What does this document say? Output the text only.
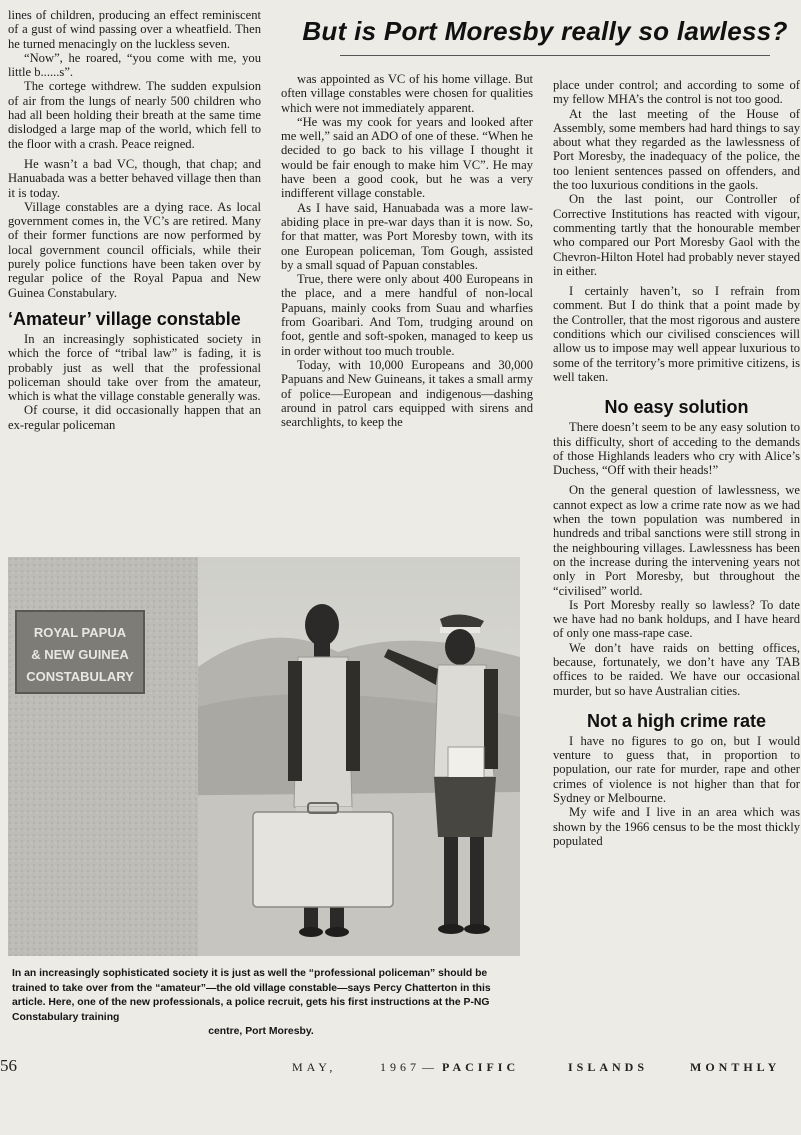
lines of children, producing an effect reminiscent of a gust of wind passing over a wheatfield. Then he turned menacingly on the luckless seven.

“Now”, he roared, “you come with me, you little b......s”.

The cortege withdrew. The sudden expulsion of air from the lungs of nearly 500 children who had all been holding their breath at the same time dislodged a large map of the world, which fell to the floor with a crash. Peace reigned.

He wasn’t a bad VC, though, that chap; and Hanuabada was a better behaved village then than it is today.

Village constables are a dying race. As local government comes in, the VC’s are retired. Many of their former functions are now performed by local government council officials, while their purely police functions have been taken over by regular police of the Royal Papua and New Guinea Constabulary.

‘Amateur’ village constable

In an increasingly sophisticated society in which the force of “tribal law” is fading, it is probably just as well that the professional policeman should take over from the amateur, which is what the village constable generally was.

Of course, it did occasionally happen that an ex-regular policeman

But is Port Moresby really so lawless?

was appointed as VC of his home village. But often village constables were chosen for qualities which were not immediately apparent.

“He was my cook for years and looked after me well,” said an ADO of one of these. “When he decided to go back to his village I thought it would be fair enough to make him VC”. He may have been a good cook, but he was a very indifferent village constable.

As I have said, Hanuabada was a more law-abiding place in pre-war days than it is now. So, for that matter, was Port Moresby town, with its one European policeman, Tom Gough, assisted by a small squad of Papuan constables.

True, there were only about 400 Europeans in the place, and a mere handful of non-local Papuans, mainly cooks from Suau and wharfies from Goaribari. And Tom, trudging around on foot, gentle and soft-spoken, managed to keep us in order without too much trouble.

Today, with 10,000 Europeans and 30,000 Papuans and New Guineans, it takes a small army of police—European and indigenous—dashing around in patrol cars equipped with sirens and searchlights, to keep the

place under control; and according to some of my fellow MHA’s the control is not too good.

At the last meeting of the House of Assembly, some members had hard things to say about what they regarded as the lawlessness of Port Moresby, the inadequacy of the police, the too lenient sentences passed on offenders, and the too luxurious conditions in the gaols.

On the last point, our Controller of Corrective Institutions has reacted with vigour, commenting tartly that the honourable member who compared our Port Moresby Gaol with the Chevron-Hilton Hotel had probably never stayed in either.

I certainly haven’t, so I refrain from comment. But I do think that a point made by the Controller, that the most rigorous and austere conditions which our civilised consciences will allow us to impose may well appear luxurious to some of the territory’s more primitive citizens, is well taken.

No easy solution

There doesn’t seem to be any easy solution to this difficulty, short of acceding to the demands of those Highlands leaders who cry with Alice’s Duchess, “Off with their heads!”

On the general question of lawlessness, we cannot expect as low a crime rate now as we had when the town population was numbered in hundreds and tribal sanctions were still strong in the neighbouring villages. Lawlessness has been on the increase during the intervening years not only in Port Moresby, but throughout the “civilised” world.

Is Port Moresby really so lawless? To date we have had no bank holdups, and I have heard of only one mass-rape case.

We don’t have raids on betting offices, because, fortunately, we don’t have any TAB offices to be raided. We have our occasional murder, but so have Australian cities.

Not a high crime rate

I have no figures to go on, but I would venture to guess that, in proportion to population, our rate for murder, rape and other crimes of violence is not higher than that for Sydney or Melbourne.

My wife and I live in an area which was shown by the 1966 census to be the most thickly populated

ROYAL PAPUA
& NEW GUINEA
CONSTABULARY
In an increasingly sophisticated society it is just as well the “professional policeman” should be trained to take over from the “amateur”—the old village constable—says Percy Chatterton in this article. Here, one of the new professionals, a police recruit, gets his first instructions at the P-NG Constabulary training
centre, Port Moresby.
56	MAY,	1967 — PACIFIC	ISLANDS	MONTHLY
